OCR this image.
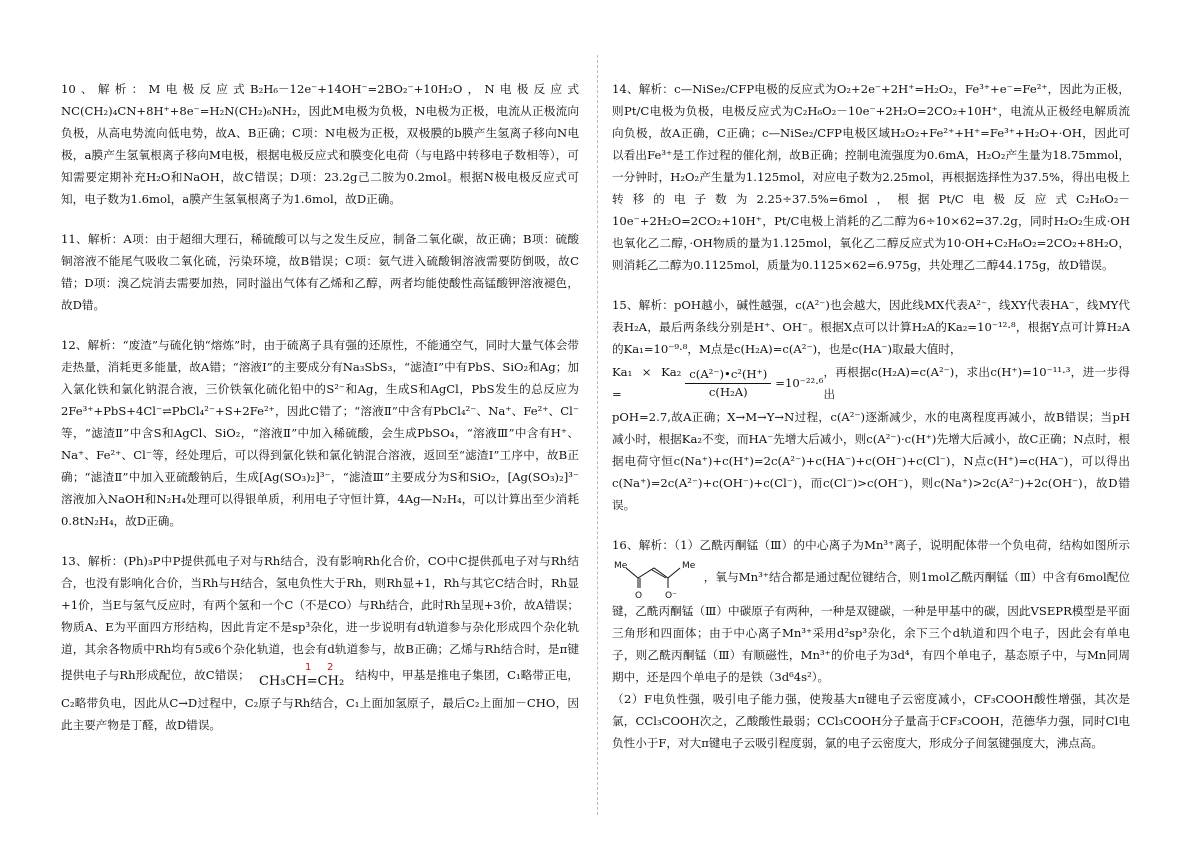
10、解析：M电极反应式B₂H₆－12e⁻+14OH⁻=2BO₂⁻+10H₂O，N电极反应式NC(CH₂)₄CN+8H⁺+8e⁻=H₂N(CH₂)₆NH₂，因此M电极为负极，N电极为正极，电流从正极流向负极，从高电势流向低电势，故A、B正确；C项：N电极为正极，双极膜的b膜产生氢离子移向N电极，a膜产生氢氧根离子移向M电极，根据电极反应式和膜变化电荷（与电路中转移电子数相等），可知需要定期补充H₂O和NaOH，故C错误；D项：23.2g己二胺为0.2mol。根据N极电极反应式可知，电子数为1.6mol，a膜产生氢氧根离子为1.6mol，故D正确。

11、解析：A项：由于超细大理石，稀硫酸可以与之发生反应，制备二氧化碳，故正确；B项：硫酸铜溶液不能尾气吸收二氧化硫，污染环境，故B错误；C项：氨气进入硫酸铜溶液需要防倒吸，故C错；D项：溴乙烷消去需要加热，同时溢出气体有乙烯和乙醇，两者均能使酸性高锰酸钾溶液褪色，故D错。

12、解析：“废渣”与硫化钠“熔炼”时，由于硫离子具有强的还原性，不能通空气，同时大量气体会带走热量，消耗更多能量，故A错；“溶液Ⅰ”的主要成分有Na₃SbS₃，“滤渣Ⅰ”中有PbS、SiO₂和Ag；加入氯化铁和氯化钠混合液，三价铁氧化硫化铅中的S²⁻和Ag，生成S和AgCl，PbS发生的总反应为2Fe³⁺+PbS+4Cl⁻⇌PbCl₄²⁻+S+2Fe²⁺，因此C错了；“溶液Ⅱ”中含有PbCl₄²⁻、Na⁺、Fe²⁺、Cl⁻等，“滤渣Ⅱ”中含S和AgCl、SiO₂，“溶液Ⅱ”中加入稀硫酸，会生成PbSO₄，“溶液Ⅲ”中含有H⁺、Na⁺、Fe²⁺、Cl⁻等，经处理后，可以得到氯化铁和氯化钠混合溶液，返回至“滤渣Ⅰ”工序中，故B正确；“滤渣Ⅱ”中加入亚硫酸钠后，生成[Ag(SO₃)₂]³⁻，“滤渣Ⅲ”主要成分为S和SiO₂，[Ag(SO₃)₂]³⁻溶液加入NaOH和N₂H₄处理可以得银单质，利用电子守恒计算，4Ag—N₂H₄，可以计算出至少消耗0.8tN₂H₄，故D正确。

13、解析：(Ph)₃P中P提供孤电子对与Rh结合，没有影响Rh化合价，CO中C提供孤电子对与Rh结合，也没有影响化合价，当Rh与H结合，氢电负性大于Rh，则Rh显+1，Rh与其它C结合时，Rh显+1价，当E与氢气反应时，有两个氢和一个C（不是CO）与Rh结合，此时Rh呈现+3价，故A错误；物质A、E为平面四方形结构，因此肯定不是sp³杂化，进一步说明有d轨道参与杂化形成四个杂化轨道，其余各物质中Rh均有5或6个杂化轨道，也会有d轨道参与，故B正确；乙烯与Rh结合时，是π键提供电子与Rh形成配位，故C错误； CH₃CH=CH₂
1 2
结构中，甲基是推电子集团，C₁略带正电，C₂略带负电，因此从C→D过程中，C₂原子与Rh结合，C₁上面加氢原子，最后C₂上面加－CHO，因此主要产物是丁醛，故D错误。

14、解析：c—NiSe₂/CFP电极的反应式为O₂+2e⁻+2H⁺=H₂O₂，Fe³⁺+e⁻=Fe²⁺，因此为正极，则Pt/C电极为负极，电极反应式为C₂H₆O₂－10e⁻+2H₂O=2CO₂+10H⁺，电流从正极经电解质流向负极，故A正确，C正确；c—NiSe₂/CFP电极区域H₂O₂+Fe²⁺+H⁺=Fe³⁺+H₂O+·OH，因此可以看出Fe³⁺是工作过程的催化剂，故B正确；控制电流强度为0.6mA，H₂O₂产生量为18.75mmol，一分钟时，H₂O₂产生量为1.125mol，对应电子数为2.25mol，再根据选择性为37.5%，得出电极上转移的电子数为2.25÷37.5%=6mol，根据Pt/C电极反应式C₂H₆O₂－10e⁻+2H₂O=2CO₂+10H⁺，Pt/C电极上消耗的乙二醇为6÷10×62=37.2g，同时H₂O₂生成·OH也氧化乙二醇，·OH物质的量为1.125mol，氧化乙二醇反应式为10·OH+C₂H₆O₂=2CO₂+8H₂O，则消耗乙二醇为0.1125mol，质量为0.1125×62=6.975g，共处理乙二醇44.175g，故D错误。

15、解析：pOH越小，碱性越强，c(A²⁻)也会越大，因此线MX代表A²⁻，线XY代表HA⁻，线MY代表H₂A，最后两条线分别是H⁺、OH⁻。根据X点可以计算H₂A的Ka₂=10⁻¹²·⁸，根据Y点可计算H₂A的Ka₁=10⁻⁹·⁸，M点是c(H₂A)=c(A²⁻)，也是c(HA⁻)取最大值时，

Ka₁ × Ka₂ =	$\frac{\text{c(A²⁻)•c²(H⁺)}}{\text{c(H₂A)}} =10^{-22}\cdot^6$
，再根据c(H₂A)=c(A²⁻)，求出c(H⁺)=10⁻¹¹·³，进一步得出

pOH=2.7,故A正确；X→M→Y→N过程，c(A²⁻)逐渐减少，水的电离程度再减小，故B错误；当pH减小时，根据Ka₂不变，而HA⁻先增大后减小，则c(A²⁻)·c(H⁺)先增大后减小，故C正确；N点时，根据电荷守恒c(Na⁺)+c(H⁺)=2c(A²⁻)+c(HA⁻)+c(OH⁻)+c(Cl⁻)，N点c(H⁺)=c(HA⁻)，可以得出c(Na⁺)=2c(A²⁻)+c(OH⁻)+c(Cl⁻)，而c(Cl⁻)>c(OH⁻)，则c(Na⁺)>2c(A²⁻)+2c(OH⁻)，故D错误。

16、解析：（1）乙酰丙酮锰（Ⅲ）的中心离子为Mn³⁺离子，说明配体带一个负电荷，结构如图所示
Me	Me
O	O⁻
，氧与Mn³⁺结合都是通过配位键结合，则1mol乙酰丙酮锰（Ⅲ）中含有6mol配位键，乙酰丙酮锰（Ⅲ）中碳原子有两种，一种是双键碳，一种是甲基中的碳，因此VSEPR模型是平面三角形和四面体；由于中心离子Mn³⁺采用d²sp³杂化，余下三个d轨道和四个电子，因此会有单电子，则乙酰丙酮锰（Ⅲ）有顺磁性，Mn³⁺的价电子为3d⁴，有四个单电子，基态原子中，与Mn同周期中，还是四个单电子的是铁（3d⁶4s²）。

（2）F电负性强，吸引电子能力强，使羧基大π键电子云密度减小，CF₃COOH酸性增强，其次是氯，CCl₃COOH次之，乙酸酸性最弱；CCl₃COOH分子量高于CF₃COOH，范德华力强，同时Cl电负性小于F，对大π键电子云吸引程度弱，氯的电子云密度大，形成分子间氢键强度大，沸点高。
